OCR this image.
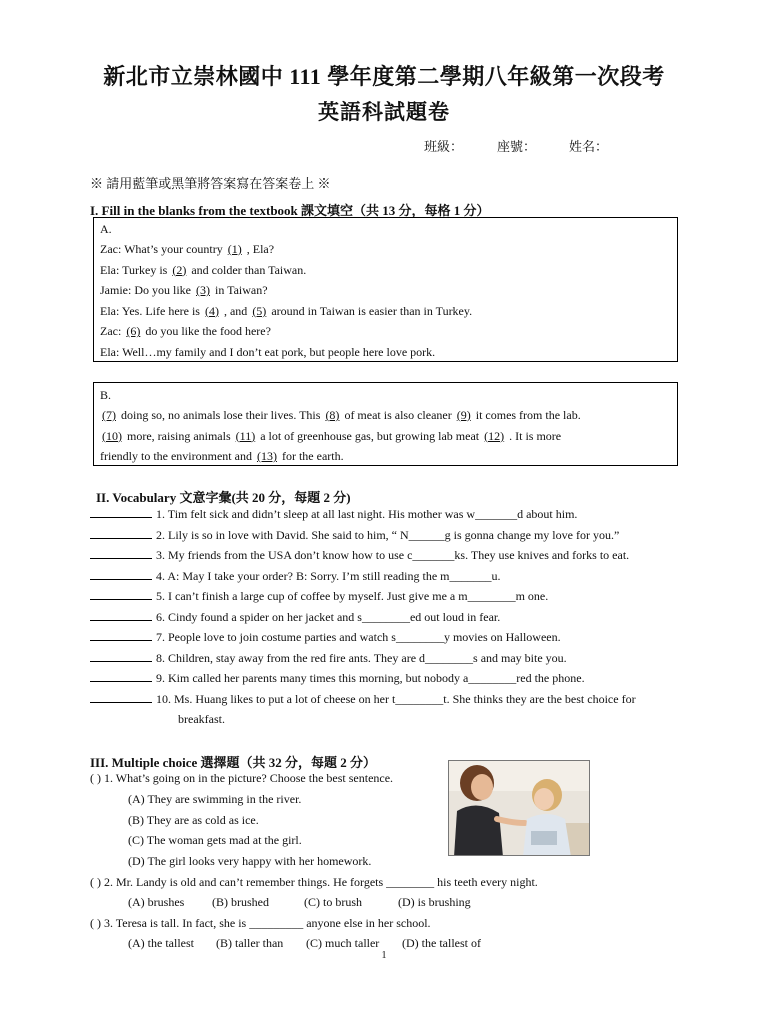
新北市立崇林國中 111 學年度第二學期八年級第一次段考
英語科試題卷
班級：	座號：	姓名：
※ 請用藍筆或黑筆將答案寫在答案卷上 ※
I. Fill in the blanks from the textbook 課文填空（共 13 分，每格 1 分）
A.
Zac: What’s your country (1) , Ela?
Ela: Turkey is (2) and colder than Taiwan.
Jamie: Do you like (3) in Taiwan?
Ela: Yes. Life here is (4) , and (5) around in Taiwan is easier than in Turkey.
Zac: (6) do you like the food here?
Ela: Well…my family and I don’t eat pork, but people here love pork.
B.
(7) doing so, no animals lose their lives. This (8) of meat is also cleaner (9) it comes from the lab.
(10) more, raising animals (11) a lot of greenhouse gas, but growing lab meat (12) . It is more
friendly to the environment and (13) for the earth.
II. Vocabulary 文意字彙(共 20 分，每題 2 分)
1. Tim felt sick and didn’t sleep at all last night. His mother was w_______d about him.
2. Lily is so in love with David. She said to him, “ N______g is gonna change my love for you.”
3. My friends from the USA don’t know how to use c_______ks. They use knives and forks to eat.
4. A: May I take your order? B: Sorry. I’m still reading the m_______u.
5. I can’t finish a large cup of coffee by myself. Just give me a m________m one.
6. Cindy found a spider on her jacket and s________ed out loud in fear.
7. People love to join costume parties and watch s________y movies on Halloween.
8. Children, stay away from the red fire ants. They are d________s and may bite you.
9. Kim called her parents many times this morning, but nobody a________red the phone.
10. Ms. Huang likes to put a lot of cheese on her t________t. She thinks they are the best choice for
breakfast.
III. Multiple choice 選擇題（共 32 分，每題 2 分）
( ) 1. What’s going on in the picture? Choose the best sentence.
(A) They are swimming in the river.
(B) They are as cold as ice.
(C) The woman gets mad at the girl.
(D) The girl looks very happy with her homework.
( ) 2. Mr. Landy is old and can’t remember things. He forgets ________ his teeth every night.
(A) brushes (B) brushed	(C) to brush	(D) is brushing
( ) 3. Teresa is tall. In fact, she is _________ anyone else in her school.
(A) the tallest (B) taller than (C) much taller (D) the tallest of
1
